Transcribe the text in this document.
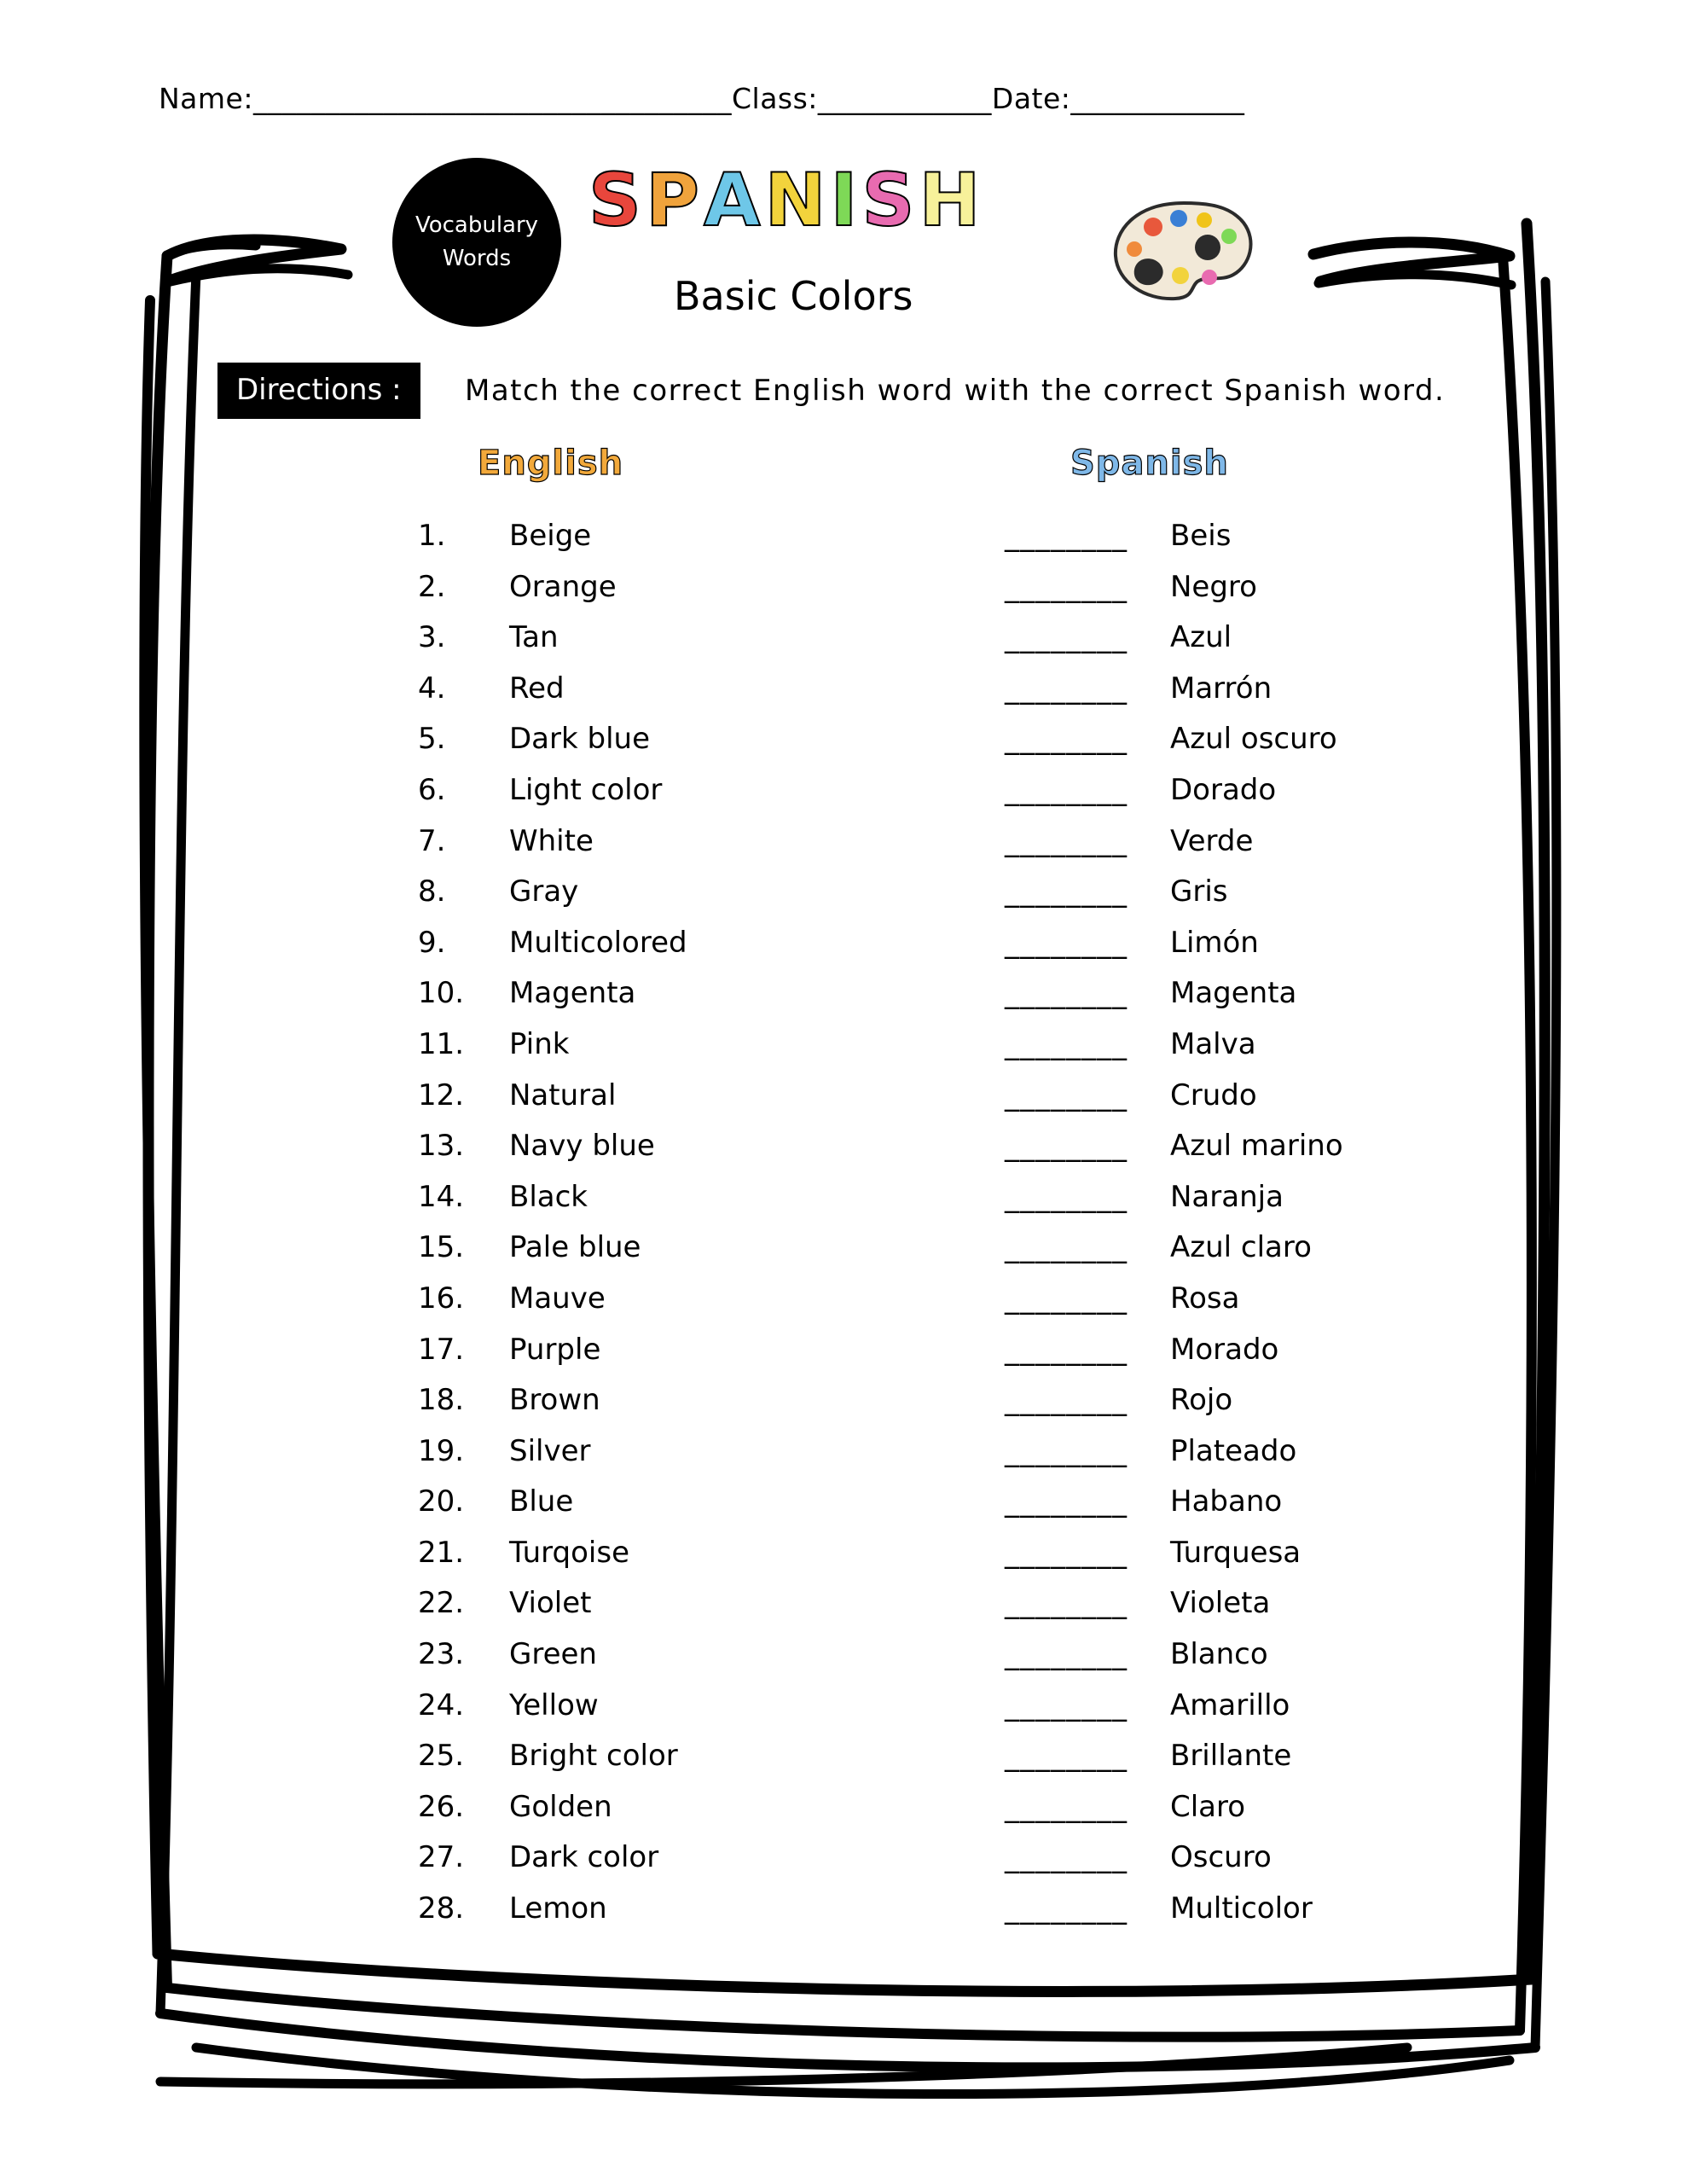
Name:_________________________________Class:____________Date:____________
Vocabulary
Words
SPANISH
Basic Colors
Directions :	Match the correct English word with the correct Spanish word.
English	Spanish
1.	Beige	________ Beis
2.	Orange	________ Negro
3.	Tan	________ Azul
4.	Red	________ Marrón
5.	Dark blue	________ Azul oscuro
6.	Light color	________ Dorado
7.	White	________ Verde
8.	Gray	________ Gris
9.	Multicolored	________ Limón
10.	Magenta	________ Magenta
11.	Pink	________ Malva
12.	Natural	________ Crudo
13.	Navy blue	________ Azul marino
14.	Black	________ Naranja
15.	Pale blue	________ Azul claro
16.	Mauve	________ Rosa
17.	Purple	________ Morado
18.	Brown	________ Rojo
19.	Silver	________ Plateado
20.	Blue	________ Habano
21.	Turqoise	________ Turquesa
22.	Violet	________ Violeta
23.	Green	________ Blanco
24.	Yellow	________ Amarillo
25.	Bright color	________ Brillante
26.	Golden	________ Claro
27.	Dark color	________ Oscuro
28.	Lemon	________ Multicolor
